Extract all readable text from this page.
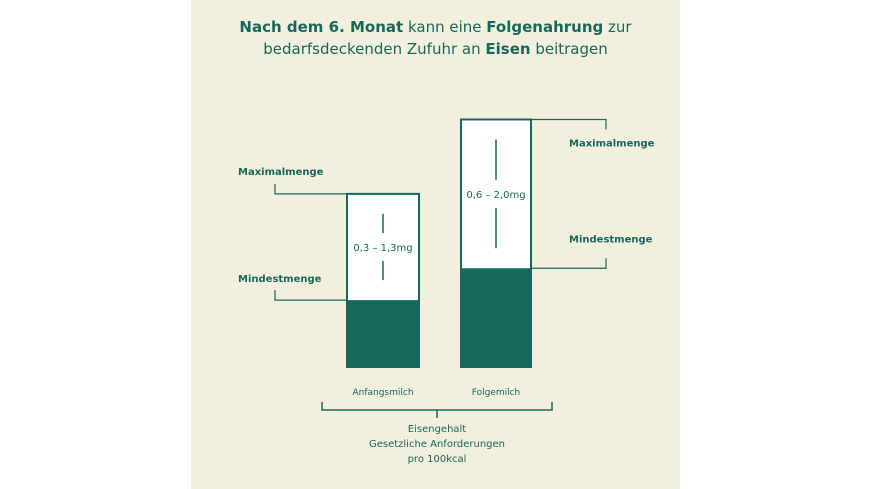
Nach dem 6. Monat kann eine Folgenahrung zur
bedarfsdeckenden Zufuhr an Eisen beitragen
0,3 – 1,3mg
Anfangsmilch
Maximalmenge
Mindestmenge
0,6 – 2,0mg
Folgemilch
Maximalmenge
Mindestmenge
Eisengehalt
Gesetzliche Anforderungen
pro 100kcal
